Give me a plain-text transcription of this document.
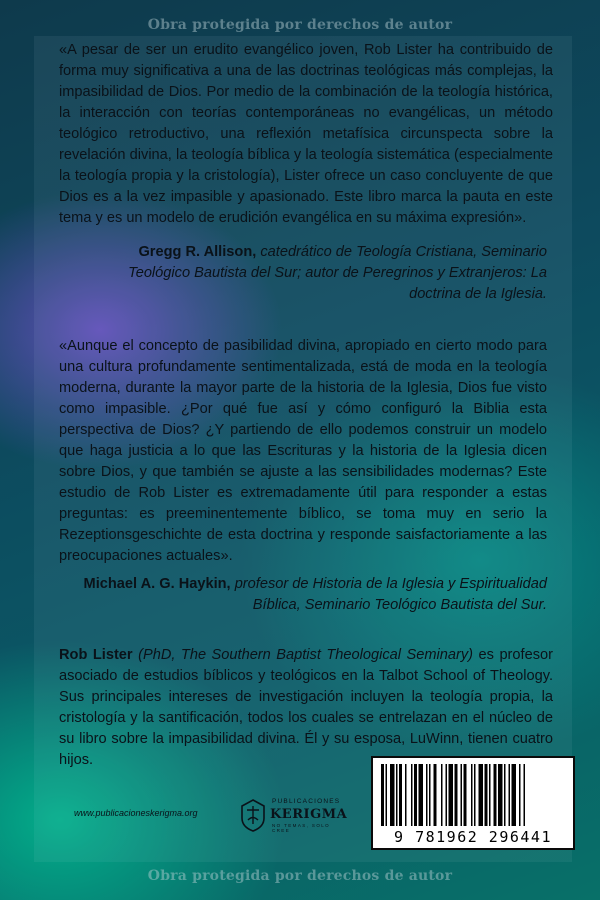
Obra protegida por derechos de autor

«A pesar de ser un erudito evangélico joven, Rob Lister ha contribuido de forma muy significativa a una de las doctrinas teológicas más complejas, la impasibilidad de Dios. Por medio de la combinación de la teología histórica, la interacción con teorías contemporáneas no evangélicas, un método teológico retroductivo, una reflexión metafísica circunspecta sobre la revelación divina, la teología bíblica y la teología sistemática (especialmente la teología propia y la cristología), Lister ofrece un caso concluyente de que Dios es a la vez impasible y apasionado. Este libro marca la pauta en este tema y es un modelo de erudición evangélica en su máxima expresión».

Gregg R. Allison, catedrático de Teología Cristiana, Seminario Teológico Bautista del Sur; autor de Peregrinos y Extranjeros: La doctrina de la Iglesia.

«Aunque el concepto de pasibilidad divina, apropiado en cierto modo para una cultura profundamente sentimentalizada, está de moda en la teología moderna, durante la mayor parte de la historia de la Iglesia, Dios fue visto como impasible. ¿Por qué fue así y cómo configuró la Biblia esta perspectiva de Dios? ¿Y partiendo de ello podemos construir un modelo que haga justicia a lo que las Escrituras y la historia de la Iglesia dicen sobre Dios, y que también se ajuste a las sensibilidades modernas? Este estudio de Rob Lister es extremadamente útil para responder a estas preguntas: es preeminentemente bíblico, se toma muy en serio la Rezeptionsgeschichte de esta doctrina y responde saisfactoriamente a las preocupaciones actuales».

Michael A. G. Haykin, profesor de Historia de la Iglesia y Espiritualidad Bíblica, Seminario Teológico Bautista del Sur.

Rob Lister (PhD, The Southern Baptist Theological Seminary) es profesor asociado de estudios bíblicos y teológicos en la Talbot School of Theology. Sus principales intereses de investigación incluyen la teología propia, la cristología y la santificación, todos los cuales se entrelazan en el núcleo de su libro sobre la impasibilidad divina. Él y su esposa, LuWinn, tienen cuatro hijos.

www.publicacioneskerigma.org
PUBLICACIONES
KERIGMA
NO TEMAS, SOLO CREE	9 781962 296441
Obra protegida por derechos de autor
